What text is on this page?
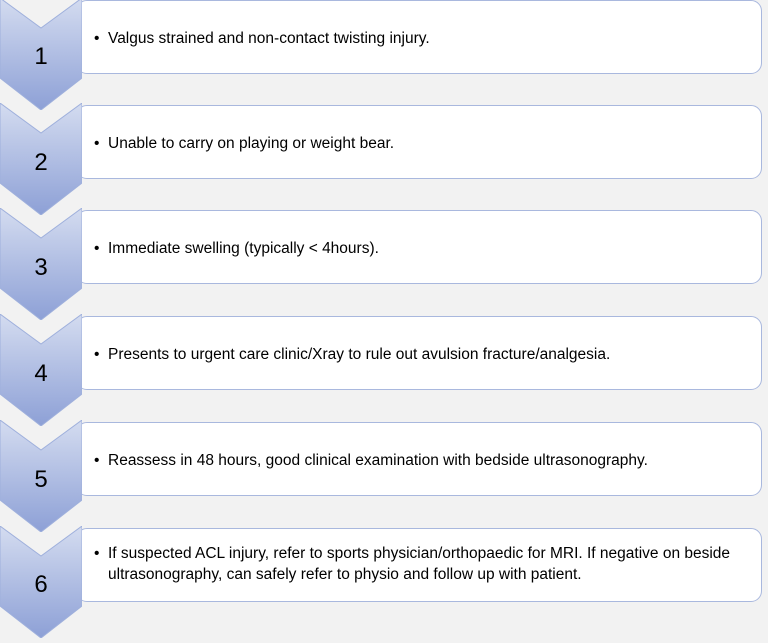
• Valgus strained and non-contact twisting injury.
1
• Unable to carry on playing or weight bear.
2
• Immediate swelling (typically < 4hours).
3
• Presents to urgent care clinic/Xray to rule out avulsion fracture/analgesia.
4
• Reassess in 48 hours, good clinical examination with bedside ultrasonography.
5
• If suspected ACL injury, refer to sports physician/orthopaedic for MRI. If negative on beside ultrasonography, can safely refer to physio and follow up with patient.
6
